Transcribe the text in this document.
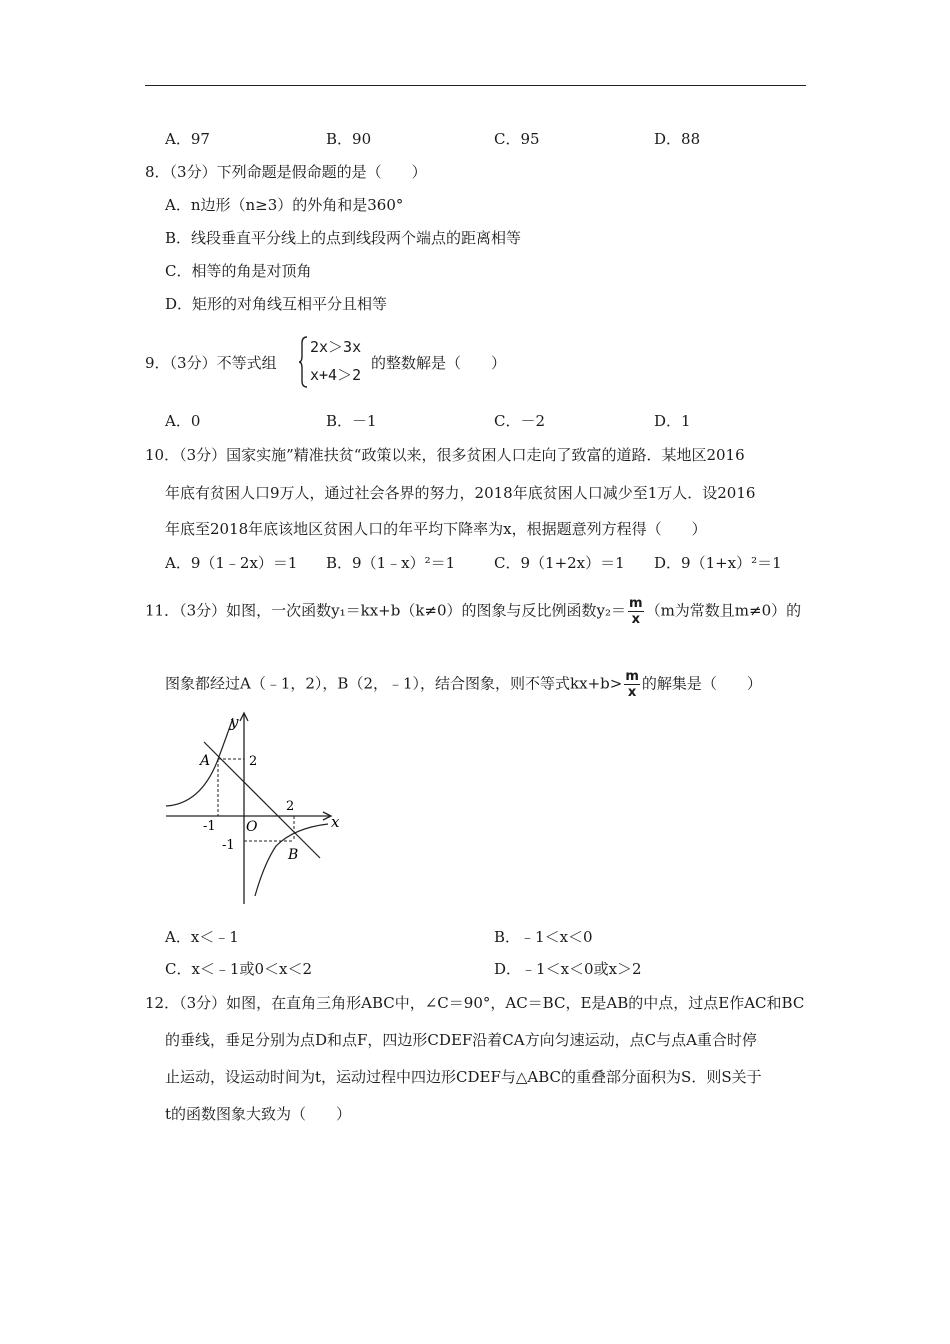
A．97	B．90	C．95	D．88
8．（3分）下列命题是假命题的是（　　）
A．n边形（n≥3）的外角和是360°
B．线段垂直平分线上的点到线段两个端点的距离相等
C．相等的角是对顶角
D．矩形的对角线互相平分且相等
9．（3分）不等式组
2x＞3x
x+4＞2
的整数解是（　　）
A．0	B．－1	C．－2	D．1
10．（3分）国家实施”精准扶贫“政策以来，很多贫困人口走向了致富的道路．某地区2016
年底有贫困人口9万人，通过社会各界的努力，2018年底贫困人口减少至1万人．设2016
年底至2018年底该地区贫困人口的年平均下降率为x，根据题意列方程得（　　）
A．9（1﹣2x）＝1 B．9（1﹣x）²＝1	C．9（1+2x）＝1 D．9（1+x）²＝1
11．（3分）如图，一次函数y₁＝kx+b（k≠0）的图象与反比例函数$y_2= \frac{m}{x} (m$为常数且m≠0）的
图象都经过A（﹣1，2），B（2，﹣1），结合图象，则不等式$kx+b> \frac{m}{x}$ 的解集是（　　）
y
x
O
A
B
2
2
-1
-1
A．x＜﹣1	B．﹣1＜x＜0
C．x＜﹣1或0＜x＜2	D．﹣1＜x＜0或x＞2
12．（3分）如图，在直角三角形ABC中，∠C＝90°，AC＝BC，E是AB的中点，过点E作AC和BC
的垂线，垂足分别为点D和点F，四边形CDEF沿着CA方向匀速运动，点C与点A重合时停
止运动，设运动时间为t，运动过程中四边形CDEF与△ABC的重叠部分面积为S．则S关于
t的函数图象大致为（　　）
